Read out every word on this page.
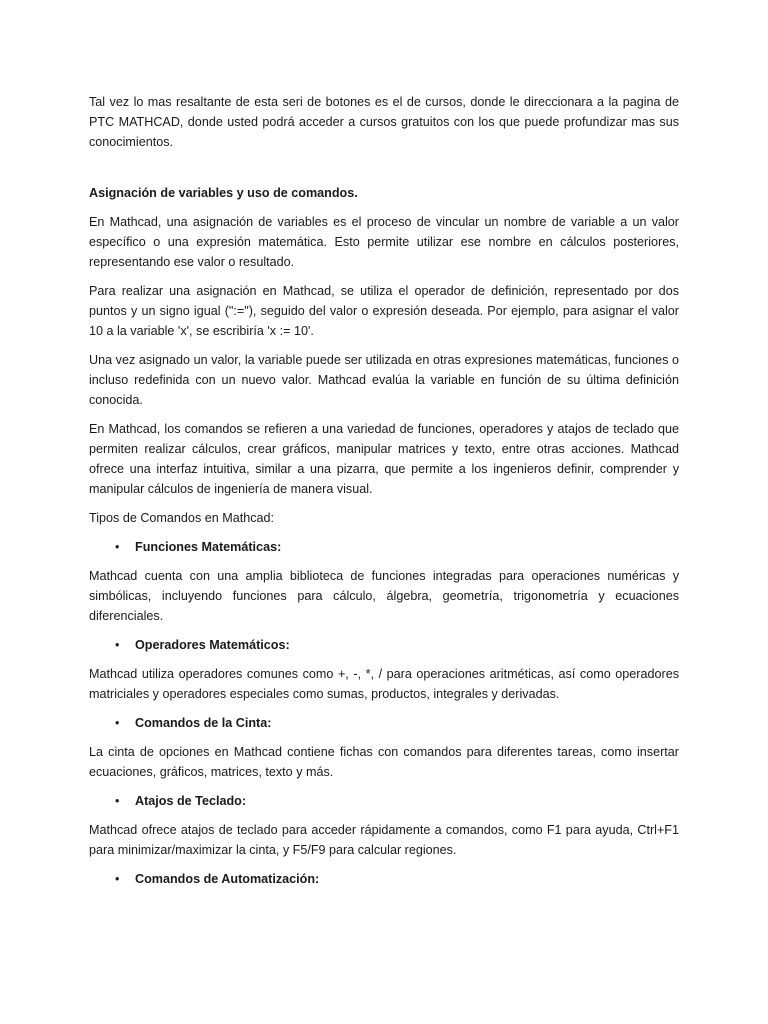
Tal vez lo mas resaltante de esta seri de botones es el de cursos, donde le direccionara a la pagina de PTC MATHCAD, donde usted podrá acceder a cursos gratuitos con los que puede profundizar mas sus conocimientos.

Asignación de variables y uso de comandos.

En Mathcad, una asignación de variables es el proceso de vincular un nombre de variable a un valor específico o una expresión matemática. Esto permite utilizar ese nombre en cálculos posteriores, representando ese valor o resultado.

Para realizar una asignación en Mathcad, se utiliza el operador de definición, representado por dos puntos y un signo igual (":="), seguido del valor o expresión deseada. Por ejemplo, para asignar el valor 10 a la variable 'x', se escribiría 'x := 10'.

Una vez asignado un valor, la variable puede ser utilizada en otras expresiones matemáticas, funciones o incluso redefinida con un nuevo valor. Mathcad evalúa la variable en función de su última definición conocida.

En Mathcad, los comandos se refieren a una variedad de funciones, operadores y atajos de teclado que permiten realizar cálculos, crear gráficos, manipular matrices y texto, entre otras acciones. Mathcad ofrece una interfaz intuitiva, similar a una pizarra, que permite a los ingenieros definir, comprender y manipular cálculos de ingeniería de manera visual.

Tipos de Comandos en Mathcad:

• Funciones Matemáticas:

Mathcad cuenta con una amplia biblioteca de funciones integradas para operaciones numéricas y simbólicas, incluyendo funciones para cálculo, álgebra, geometría, trigonometría y ecuaciones diferenciales.

• Operadores Matemáticos:

Mathcad utiliza operadores comunes como +, -, *, / para operaciones aritméticas, así como operadores matriciales y operadores especiales como sumas, productos, integrales y derivadas.

• Comandos de la Cinta:

La cinta de opciones en Mathcad contiene fichas con comandos para diferentes tareas, como insertar ecuaciones, gráficos, matrices, texto y más.

• Atajos de Teclado:

Mathcad ofrece atajos de teclado para acceder rápidamente a comandos, como F1 para ayuda, Ctrl+F1 para minimizar/maximizar la cinta, y F5/F9 para calcular regiones.

• Comandos de Automatización:
